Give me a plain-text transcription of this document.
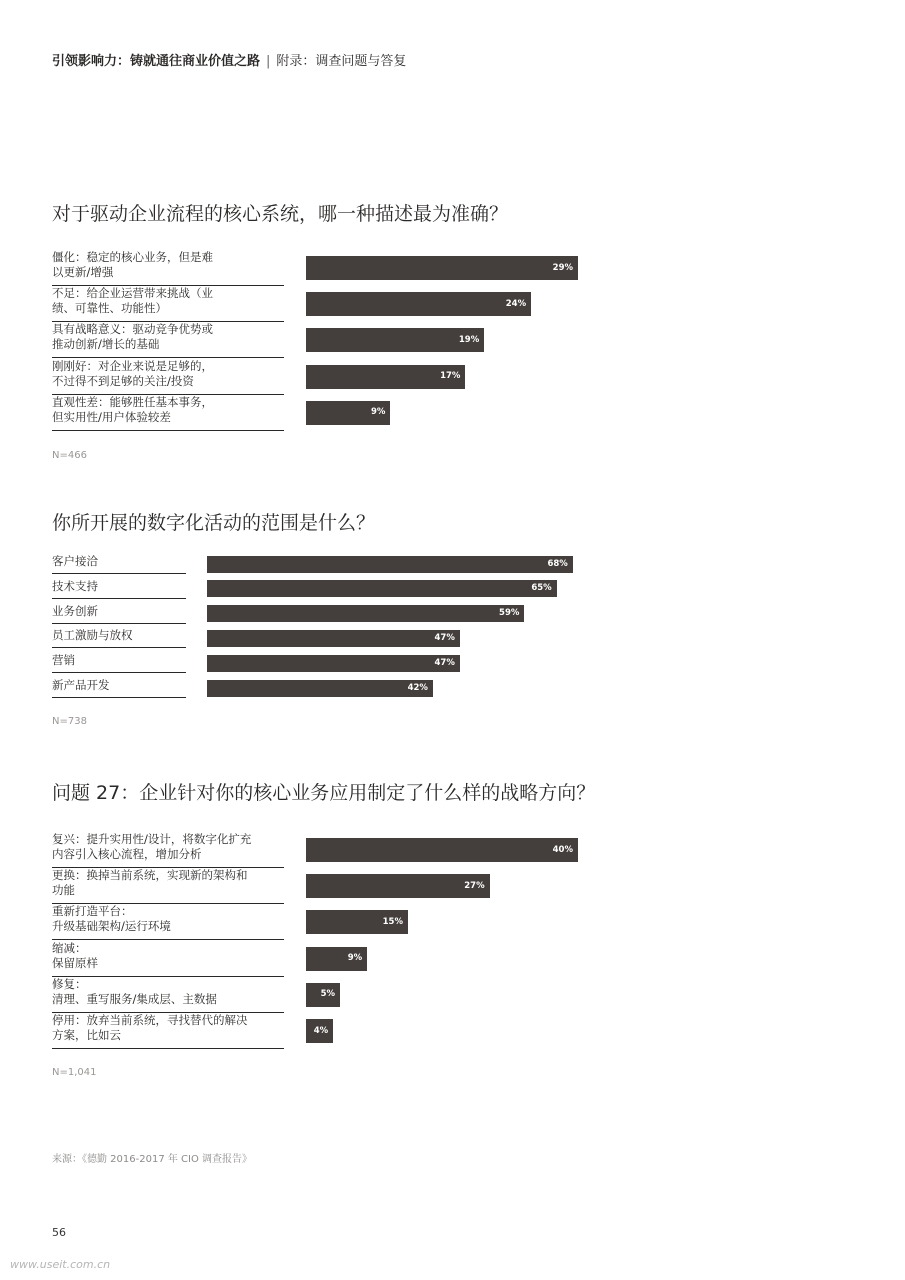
引领影响力：铸就通往商业价值之路 | 附录：调查问题与答复
对于驱动企业流程的核心系统，哪一种描述最为准确？
僵化：稳定的核心业务，但是难
以更新/增强	29%
不足：给企业运营带来挑战（业
绩、可靠性、功能性）	24%
具有战略意义：驱动竞争优势或
推动创新/增长的基础	19%
刚刚好：对企业来说是足够的，
不过得不到足够的关注/投资	17%
直观性差：能够胜任基本事务，
但实用性/用户体验较差	9%
N=466
你所开展的数字化活动的范围是什么？
客户接洽	68%
技术支持	65%
业务创新	59%
员工激励与放权	47%
营销	47%
新产品开发	42%
N=738
问题 27：企业针对你的核心业务应用制定了什么样的战略方向？
复兴：提升实用性/设计，将数字化扩充
内容引入核心流程，增加分析	40%
更换：换掉当前系统，实现新的架构和
功能	27%
重新打造平台：
升级基础架构/运行环境	15%
缩减：
保留原样	9%
修复：
清理、重写服务/集成层、主数据	5%
停用：放弃当前系统，寻找替代的解决
方案，比如云	4%
N=1,041
来源：《德勤 2016-2017 年 CIO 调查报告》
56
www.useit.com.cn
